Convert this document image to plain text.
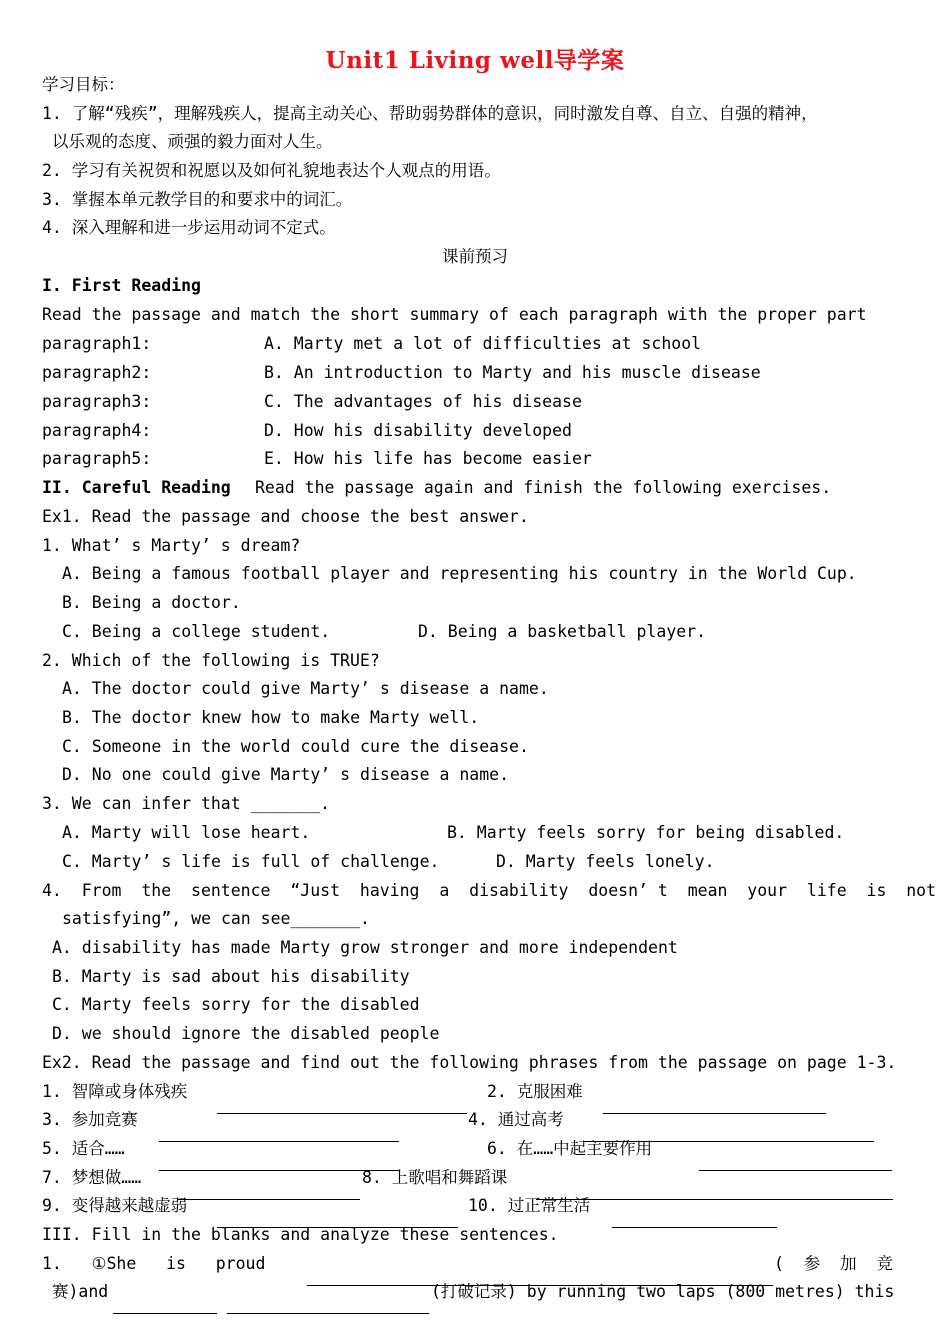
Unit1 Living well导学案
学习目标：
1. 了解“残疾”，理解残疾人，提高主动关心、帮助弱势群体的意识，同时激发自尊、自立、自强的精神，
以乐观的态度、顽强的毅力面对人生。
2. 学习有关祝贺和祝愿以及如何礼貌地表达个人观点的用语。
3. 掌握本单元教学目的和要求中的词汇。
4. 深入理解和进一步运用动词不定式。
课前预习
I. First Reading
Read the passage and match the short summary of each paragraph with the proper part
paragraph1:	A. Marty met a lot of difficulties at school
paragraph2:	B. An introduction to Marty and his muscle disease
paragraph3:	C. The advantages of his disease
paragraph4:	D. How his disability developed
paragraph5:	E. How his life has become easier
II. Careful Reading Read the passage again and finish the following exercises.
Ex1. Read the passage and choose the best answer.
1. What’ s Marty’ s dream?
A. Being a famous football player and representing his country in the World Cup.
B. Being a doctor.
C. Being a college student.	D. Being a basketball player.
2. Which of the following is TRUE?
A. The doctor could give Marty’ s disease a name.
B. The doctor knew how to make Marty well.
C. Someone in the world could cure the disease.
D. No one could give Marty’ s disease a name.
3. We can infer that _______.
A. Marty will lose heart.	B. Marty feels sorry for being disabled.
C. Marty’ s life is full of challenge.	D. Marty feels lonely.
4.  From  the  sentence  “Just  having  a  disability  doesn’ t  mean  your  life  is  not
satisfying”, we can see_______.
A. disability has made Marty grow stronger and more independent
B. Marty is sad about his disability
C. Marty feels sorry for the disabled
D. we should ignore the disabled people
Ex2. Read the passage and find out the following phrases from the passage on page 1-3.
1. 智障或身体残疾	2. 克服困难
3. 参加竞赛	4. 通过高考
5. 适合……	6. 在……中起主要作用
7. 梦想做……	8. 上歌唱和舞蹈课
9. 变得越来越虚弱	10. 过正常生活
III. Fill in the blanks and analyze these sentences.
1.   ①She   is   proud	(  参  加  竞
赛)and	(打破记录) by running two laps (800 metres) this
